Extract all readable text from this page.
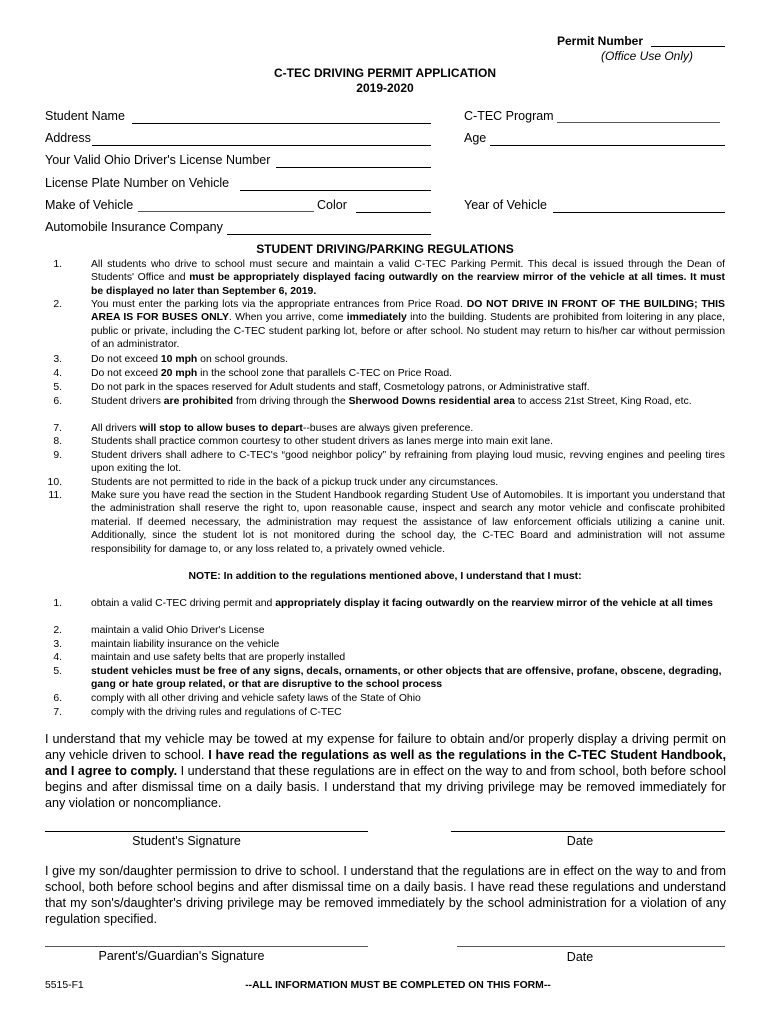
Permit Number
(Office Use Only)
C-TEC DRIVING PERMIT APPLICATION
2019-2020
Student Name	C-TEC Program
Address	Age
Your Valid Ohio Driver's License Number
License Plate Number on Vehicle
Make of Vehicle	Color	Year of Vehicle
Automobile Insurance Company
STUDENT DRIVING/PARKING REGULATIONS
1.	All students who drive to school must secure and maintain a valid C-TEC Parking Permit. This decal is issued through the Dean of Students' Office and must be appropriately displayed facing outwardly on the rearview mirror of the vehicle at all times. It must be displayed no later than September 6, 2019.
2.	You must enter the parking lots via the appropriate entrances from Price Road. DO NOT DRIVE IN FRONT OF THE BUILDING; THIS AREA IS FOR BUSES ONLY. When you arrive, come immediately into the building. Students are prohibited from loitering in any place, public or private, including the C-TEC student parking lot, before or after school. No student may return to his/her car without permission of an administrator.
3.	Do not exceed 10 mph on school grounds.
4.	Do not exceed 20 mph in the school zone that parallels C-TEC on Price Road.
5.	Do not park in the spaces reserved for Adult students and staff, Cosmetology patrons, or Administrative staff.
6.	Student drivers are prohibited from driving through the Sherwood Downs residential area to access 21st Street, King Road, etc.
7.	All drivers will stop to allow buses to depart--buses are always given preference.
8.	Students shall practice common courtesy to other student drivers as lanes merge into main exit lane.
9.	Student drivers shall adhere to C-TEC's “good neighbor policy” by refraining from playing loud music, revving engines and peeling tires upon exiting the lot.
10.	Students are not permitted to ride in the back of a pickup truck under any circumstances.
11.	Make sure you have read the section in the Student Handbook regarding Student Use of Automobiles. It is important you understand that the administration shall reserve the right to, upon reasonable cause, inspect and search any motor vehicle and confiscate prohibited material. If deemed necessary, the administration may request the assistance of law enforcement officials utilizing a canine unit. Additionally, since the student lot is not monitored during the school day, the C-TEC Board and administration will not assume responsibility for damage to, or any loss related to, a privately owned vehicle.
NOTE: In addition to the regulations mentioned above, I understand that I must:
1.	obtain a valid C-TEC driving permit and appropriately display it facing outwardly on the rearview mirror of the vehicle at all times
2.	maintain a valid Ohio Driver's License
3.	maintain liability insurance on the vehicle
4.	maintain and use safety belts that are properly installed
5.	student vehicles must be free of any signs, decals, ornaments, or other objects that are offensive, profane, obscene, degrading, gang or hate group related, or that are disruptive to the school process
6.	comply with all other driving and vehicle safety laws of the State of Ohio
7.	comply with the driving rules and regulations of C-TEC
I understand that my vehicle may be towed at my expense for failure to obtain and/or properly display a driving permit on any vehicle driven to school. I have read the regulations as well as the regulations in the C-TEC Student Handbook, and I agree to comply. I understand that these regulations are in effect on the way to and from school, both before school begins and after dismissal time on a daily basis. I understand that my driving privilege may be removed immediately for any violation or noncompliance.
Student's Signature	Date
I give my son/daughter permission to drive to school. I understand that the regulations are in effect on the way to and from school, both before school begins and after dismissal time on a daily basis. I have read these regulations and understand that my son's/daughter's driving privilege may be removed immediately by the school administration for a violation of any regulation specified.
Parent's/Guardian's Signature	Date
5515-F1	--ALL INFORMATION MUST BE COMPLETED ON THIS FORM--
